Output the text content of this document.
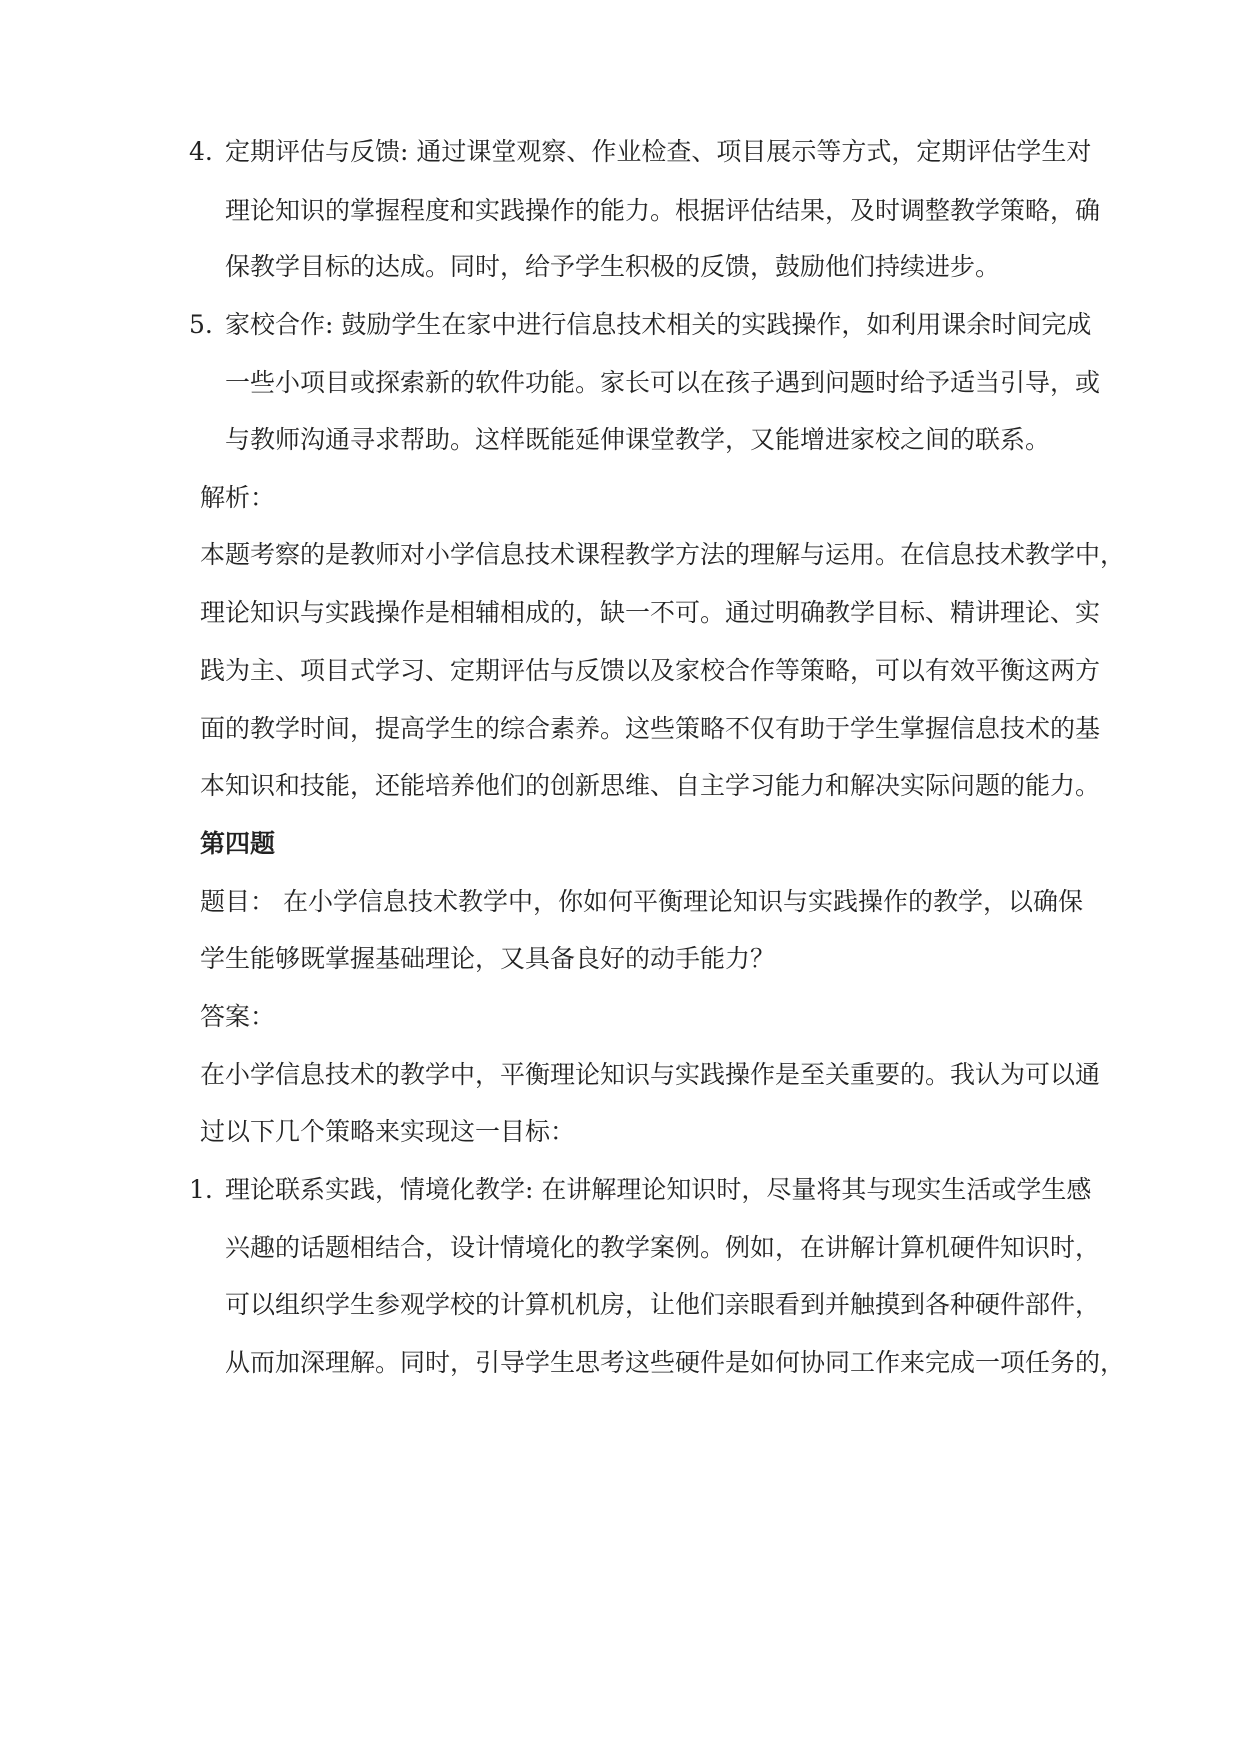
4. 定期评估与反馈: 通过课堂观察、作业检查、项目展示等方式，定期评估学生对
理论知识的掌握程度和实践操作的能力。根据评估结果，及时调整教学策略，确
保教学目标的达成。同时，给予学生积极的反馈，鼓励他们持续进步。
5. 家校合作: 鼓励学生在家中进行信息技术相关的实践操作，如利用课余时间完成
一些小项目或探索新的软件功能。家长可以在孩子遇到问题时给予适当引导，或
与教师沟通寻求帮助。这样既能延伸课堂教学，又能增进家校之间的联系。
解析：
本题考察的是教师对小学信息技术课程教学方法的理解与运用。在信息技术教学中，
理论知识与实践操作是相辅相成的，缺一不可。通过明确教学目标、精讲理论、实
践为主、项目式学习、定期评估与反馈以及家校合作等策略，可以有效平衡这两方
面的教学时间，提高学生的综合素养。这些策略不仅有助于学生掌握信息技术的基
本知识和技能，还能培养他们的创新思维、自主学习能力和解决实际问题的能力。
第四题
题目： 在小学信息技术教学中，你如何平衡理论知识与实践操作的教学，以确保
学生能够既掌握基础理论，又具备良好的动手能力？
答案：
在小学信息技术的教学中，平衡理论知识与实践操作是至关重要的。我认为可以通
过以下几个策略来实现这一目标：
1. 理论联系实践，情境化教学: 在讲解理论知识时，尽量将其与现实生活或学生感
兴趣的话题相结合，设计情境化的教学案例。例如，在讲解计算机硬件知识时，
可以组织学生参观学校的计算机机房，让他们亲眼看到并触摸到各种硬件部件，
从而加深理解。同时，引导学生思考这些硬件是如何协同工作来完成一项任务的，
